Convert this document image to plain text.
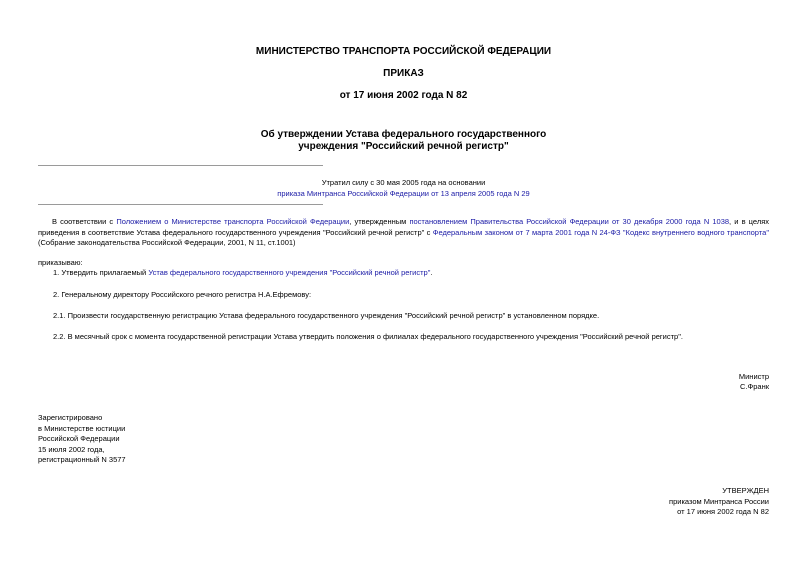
МИНИСТЕРСТВО ТРАНСПОРТА РОССИЙСКОЙ ФЕДЕРАЦИИ
ПРИКАЗ
от 17 июня 2002 года N 82
Об утверждении Устава федерального государственного
учреждения "Российский речной регистр"
Утратил силу с 30 мая 2005 года на основании
приказа Минтранса Российской Федерации от 13 апреля 2005 года N 29
В соответствии с Положением о Министерстве транспорта Российской Федерации, утвержденным постановлением Правительства Российской Федерации от 30 декабря 2000 года N 1038, и в целях приведения в соответствие Устава федерального государственного учреждения "Российский речной регистр" с Федеральным законом от 7 марта 2001 года N 24-ФЗ "Кодекс внутреннего водного транспорта" (Собрание законодательства Российской Федерации, 2001, N 11, ст.1001)
приказываю:
1. Утвердить прилагаемый Устав федерального государственного учреждения "Российский речной регистр".
2. Генеральному директору Российского речного регистра Н.А.Ефремову:
2.1. Произвести государственную регистрацию Устава федерального государственного учреждения "Российский речной регистр" в установленном порядке.
2.2. В месячный срок с момента государственной регистрации Устава утвердить положения о филиалах федерального государственного учреждения "Российский речной регистр".
Министр
С.Франк
Зарегистрировано
в Министерстве юстиции
Российской Федерации
15 июля 2002 года,
регистрационный N 3577
УТВЕРЖДЕН
приказом Минтранса России
от 17 июня 2002 года N 82
